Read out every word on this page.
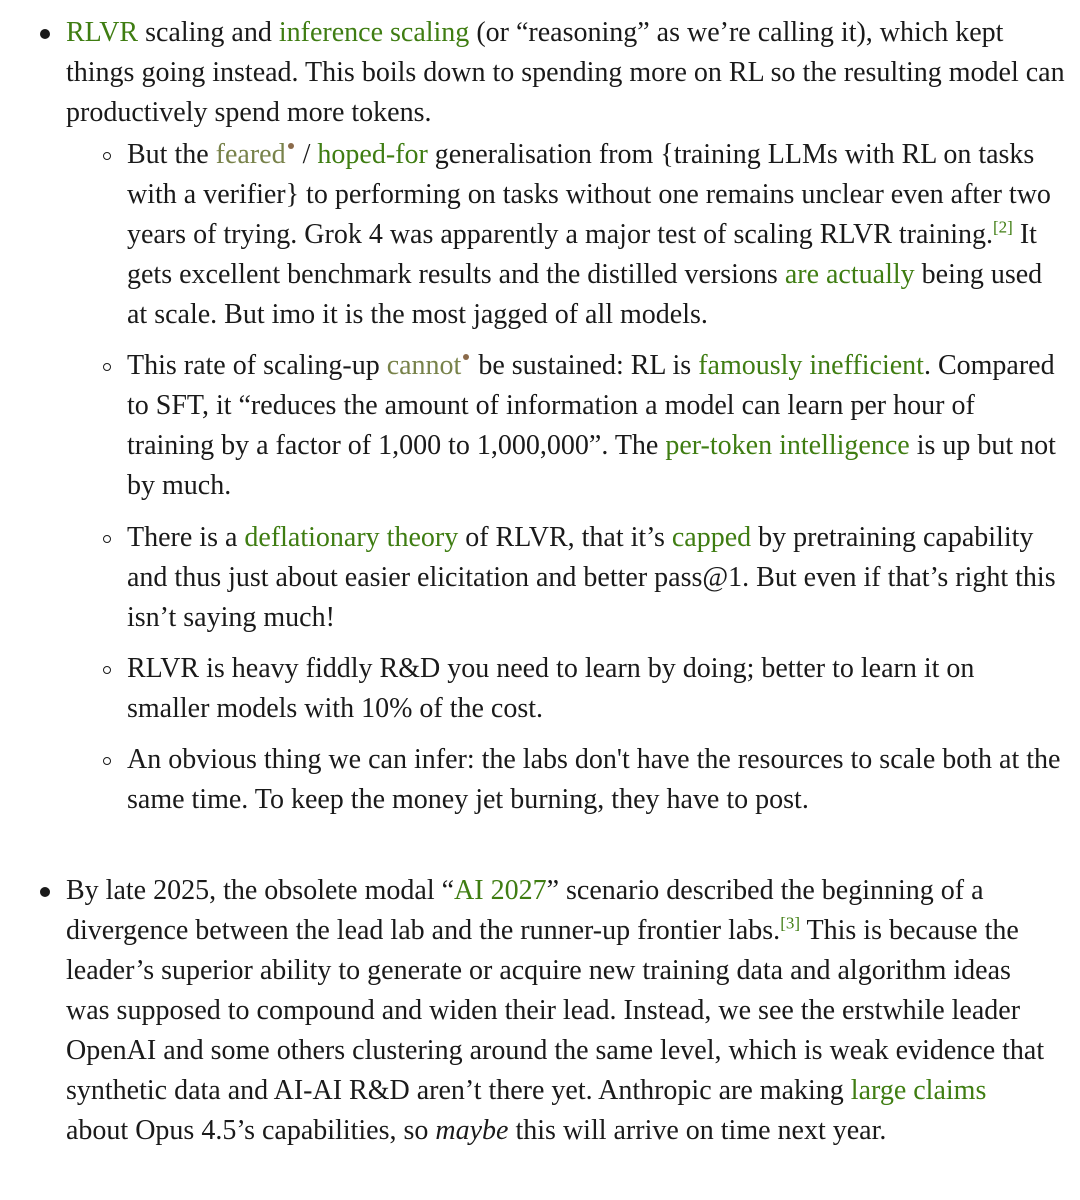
RLVR scaling and inference scaling (or “reasoning” as we’re calling it), which kept things going instead. This boils down to spending more on RL so the resulting model can productively spend more tokens.

But the feared / hoped-for generalisation from {training LLMs with RL on tasks with a verifier} to performing on tasks without one remains unclear even after two years of trying. Grok 4 was apparently a major test of scaling RLVR training.[2] It gets excellent benchmark results and the distilled versions are actually being used at scale. But imo it is the most jagged of all models.

This rate of scaling-up cannot be sustained: RL is famously inefficient. Compared to SFT, it “reduces the amount of information a model can learn per hour of training by a factor of 1,000 to 1,000,000”. The per-token intelligence is up but not by much.

There is a deflationary theory of RLVR, that it’s capped by pretraining capability and thus just about easier elicitation and better pass@1. But even if that’s right this isn’t saying much!

RLVR is heavy fiddly R&D you need to learn by doing; better to learn it on smaller models with 10% of the cost.

An obvious thing we can infer: the labs don't have the resources to scale both at the same time. To keep the money jet burning, they have to post.

By late 2025, the obsolete modal “AI 2027” scenario described the beginning of a divergence between the lead lab and the runner-up frontier labs.[3] This is because the leader’s superior ability to generate or acquire new training data and algorithm ideas was supposed to compound and widen their lead. Instead, we see the erstwhile leader OpenAI and some others clustering around the same level, which is weak evidence that synthetic data and AI-AI R&D aren’t there yet. Anthropic are making large claims about Opus 4.5’s capabilities, so maybe this will arrive on time next year.
